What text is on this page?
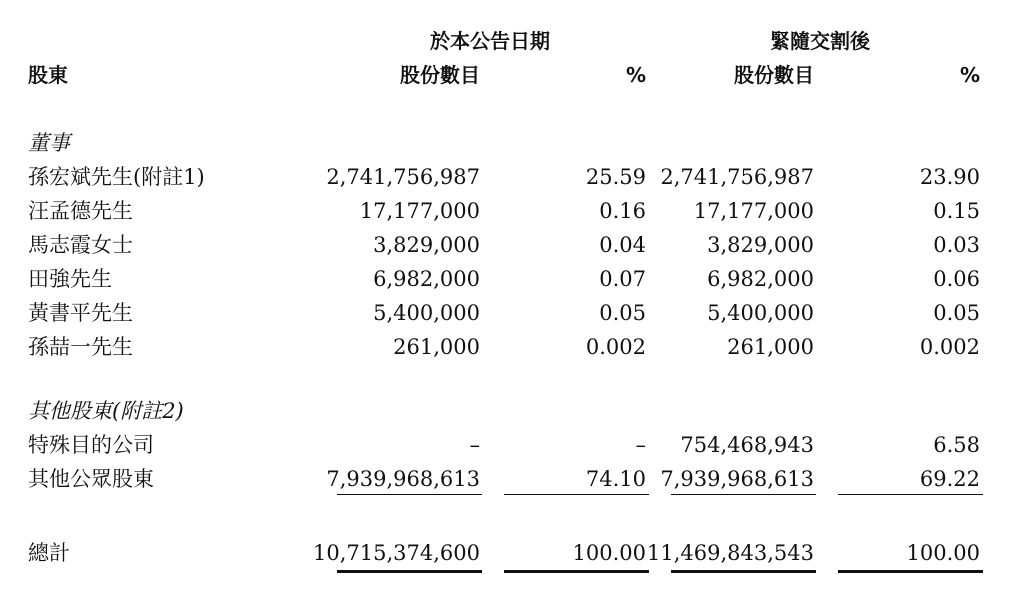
於本公告日期	緊隨交割後
股東	股份數目	%	股份數目	%
董事
孫宏斌先生(附註1)	2,741,756,987	25.59 2,741,756,987	23.90
汪孟德先生	17,177,000	0.16	17,177,000	0.15
馬志霞女士	3,829,000	0.04	3,829,000	0.03
田強先生	6,982,000	0.07	6,982,000	0.06
黃書平先生	5,400,000	0.05	5,400,000	0.05
孫喆一先生	261,000	0.002	261,000	0.002
其他股東(附註2)
特殊目的公司	–	–	754,468,943	6.58
其他公眾股東	7,939,968,613	74.10 7,939,968,613	69.22
總計	10,715,374,600	100.00 11,469,843,543	100.00
